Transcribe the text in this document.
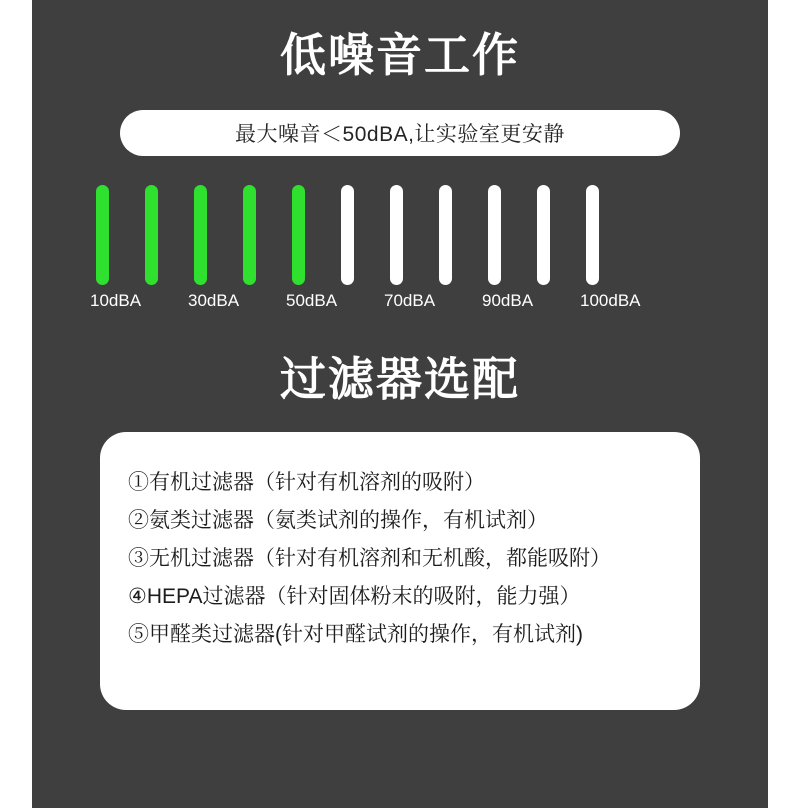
低噪音工作
最大噪音＜50dBA,让实验室更安静
10dBA	30dBA	50dBA	70dBA	90dBA	100dBA
过滤器选配
①有机过滤器（针对有机溶剂的吸附）
②氨类过滤器（氨类试剂的操作，有机试剂）
③无机过滤器（针对有机溶剂和无机酸，都能吸附）
④HEPA过滤器（针对固体粉末的吸附，能力强）
⑤甲醛类过滤器(针对甲醛试剂的操作，有机试剂)
